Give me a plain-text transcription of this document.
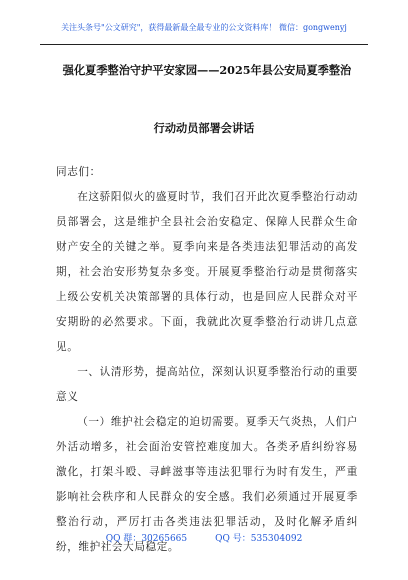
关注头条号"公文研究"，获得最新最全最专业的公文资料库！ 微信：gongwenyj
强化夏季整治守护平安家园——2025年县公安局夏季整治
行动动员部署会讲话

同志们：

在这骄阳似火的盛夏时节，我们召开此次夏季整治行动动员部署会，这是维护全县社会治安稳定、保障人民群众生命财产安全的关键之举。夏季向来是各类违法犯罪活动的高发期，社会治安形势复杂多变。开展夏季整治行动是贯彻落实上级公安机关决策部署的具体行动，也是回应人民群众对平安期盼的必然要求。下面，我就此次夏季整治行动讲几点意见。

一、认清形势，提高站位，深刻认识夏季整治行动的重要意义

（一）维护社会稳定的迫切需要。夏季天气炎热，人们户外活动增多，社会面治安管控难度加大。各类矛盾纠纷容易激化，打架斗殴、寻衅滋事等违法犯罪行为时有发生，严重影响社会秩序和人民群众的安全感。我们必须通过开展夏季整治行动，严厉打击各类违法犯罪活动，及时化解矛盾纠纷，维护社会大局稳定。

QQ 群：30265665	QQ 号：535304092
